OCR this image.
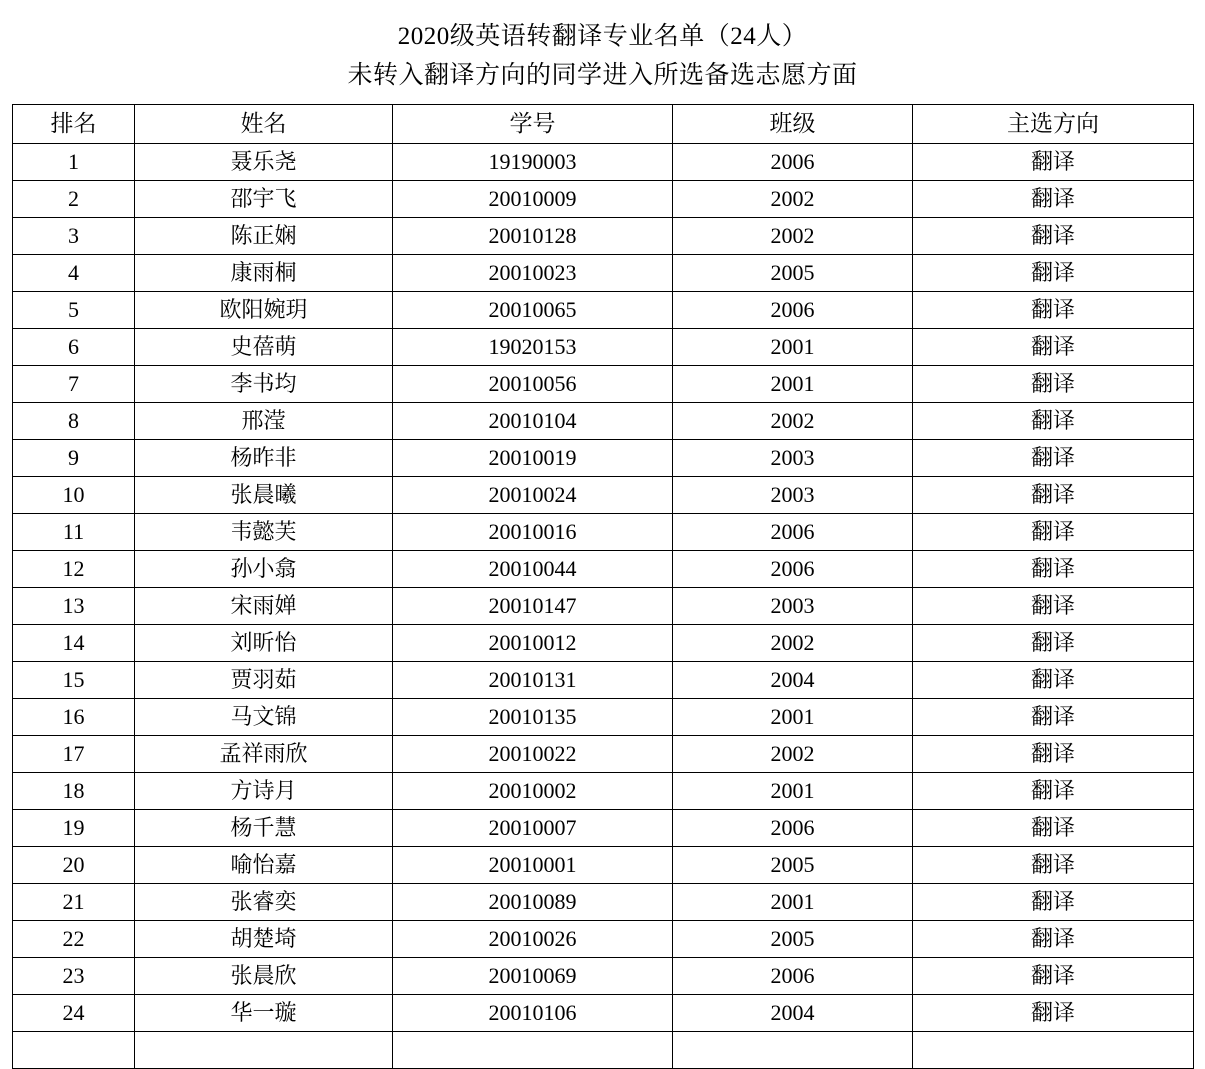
2020级英语转翻译专业名单（24人）
未转入翻译方向的同学进入所选备选志愿方面
排名	姓名	学号	班级	主选方向
1	聂乐尧	19190003	2006	翻译
2	邵宇飞	20010009	2002	翻译
3	陈正娴	20010128	2002	翻译
4	康雨桐	20010023	2005	翻译
5	欧阳婉玥	20010065	2006	翻译
6	史蓓萌	19020153	2001	翻译
7	李书均	20010056	2001	翻译
8	邢滢	20010104	2002	翻译
9	杨昨非	20010019	2003	翻译
10	张晨曦	20010024	2003	翻译
11	韦懿芙	20010016	2006	翻译
12	孙小翕	20010044	2006	翻译
13	宋雨婵	20010147	2003	翻译
14	刘昕怡	20010012	2002	翻译
15	贾羽茹	20010131	2004	翻译
16	马文锦	20010135	2001	翻译
17	孟祥雨欣	20010022	2002	翻译
18	方诗月	20010002	2001	翻译
19	杨千慧	20010007	2006	翻译
20	喻怡嘉	20010001	2005	翻译
21	张睿奕	20010089	2001	翻译
22	胡楚埼	20010026	2005	翻译
23	张晨欣	20010069	2006	翻译
24	华一璇	20010106	2004	翻译
